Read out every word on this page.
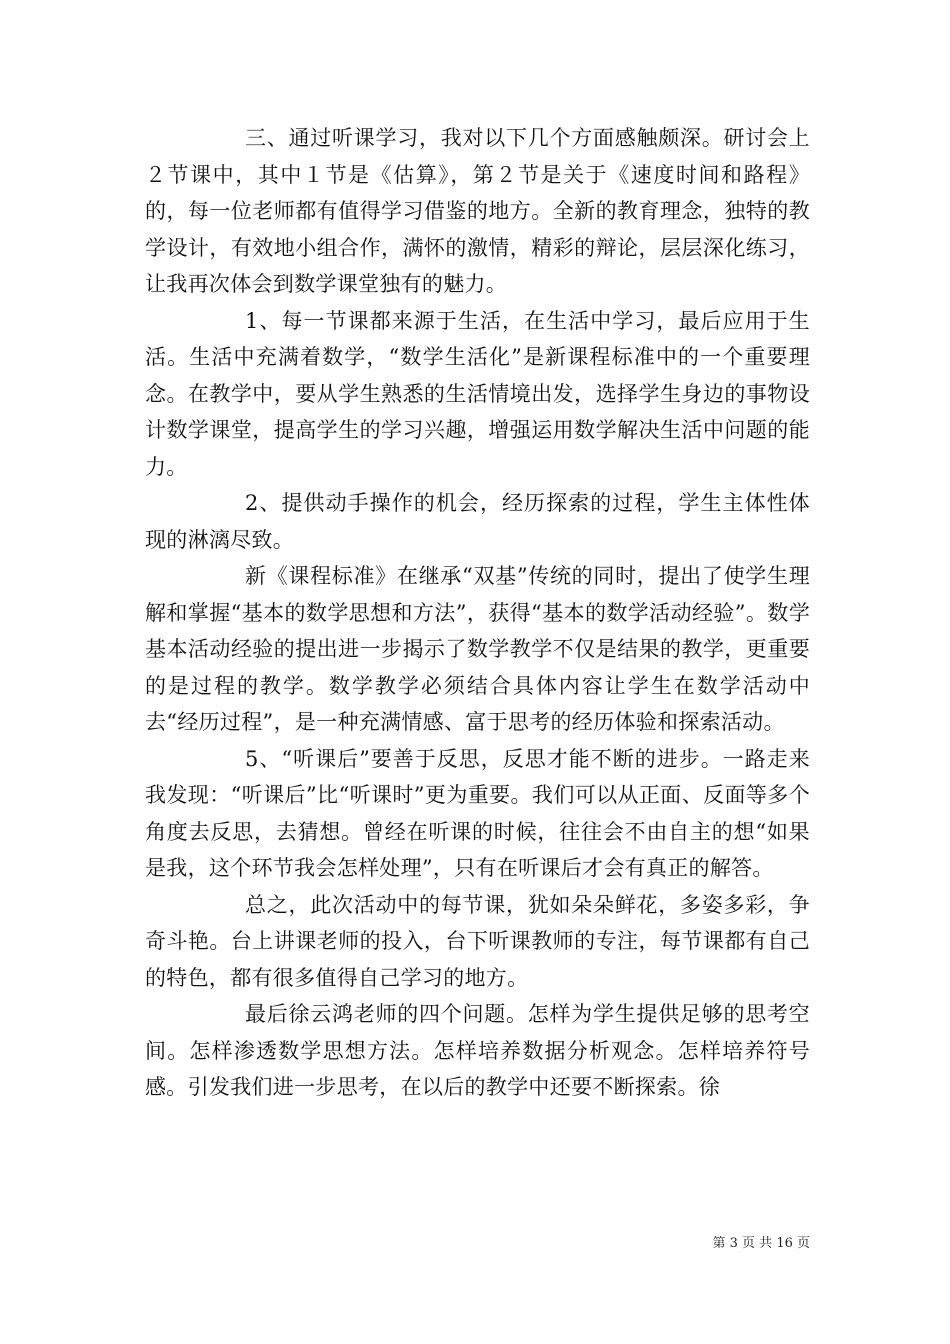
三、通过听课学习，我对以下几个方面感触颇深。研讨会上２节课中，其中１节是《估算》，第２节是关于《速度时间和路程》的，每一位老师都有值得学习借鉴的地方。全新的教育理念，独特的教学设计，有效地小组合作，满怀的激情，精彩的辩论，层层深化练习，让我再次体会到数学课堂独有的魅力。

1、每一节课都来源于生活，在生活中学习，最后应用于生活。生活中充满着数学，“数学生活化”是新课程标准中的一个重要理念。在教学中，要从学生熟悉的生活情境出发，选择学生身边的事物设计数学课堂，提高学生的学习兴趣，增强运用数学解决生活中问题的能力。

2、提供动手操作的机会，经历探索的过程，学生主体性体现的淋漓尽致。

新《课程标准》在继承“双基”传统的同时，提出了使学生理解和掌握“基本的数学思想和方法”，获得“基本的数学活动经验”。数学基本活动经验的提出进一步揭示了数学教学不仅是结果的教学，更重要的是过程的教学。数学教学必须结合具体内容让学生在数学活动中去“经历过程”，是一种充满情感、富于思考的经历体验和探索活动。

5、“听课后”要善于反思，反思才能不断的进步。一路走来我发现：“听课后”比“听课时”更为重要。我们可以从正面、反面等多个角度去反思，去猜想。曾经在听课的时候，往往会不由自主的想“如果是我，这个环节我会怎样处理”，只有在听课后才会有真正的解答。

总之，此次活动中的每节课，犹如朵朵鲜花，多姿多彩，争奇斗艳。台上讲课老师的投入，台下听课教师的专注，每节课都有自己的特色，都有很多值得自己学习的地方。

最后徐云鸿老师的四个问题。怎样为学生提供足够的思考空间。怎样渗透数学思想方法。怎样培养数据分析观念。怎样培养符号感。引发我们进一步思考，在以后的教学中还要不断探索。徐

第 3 页 共 16 页
